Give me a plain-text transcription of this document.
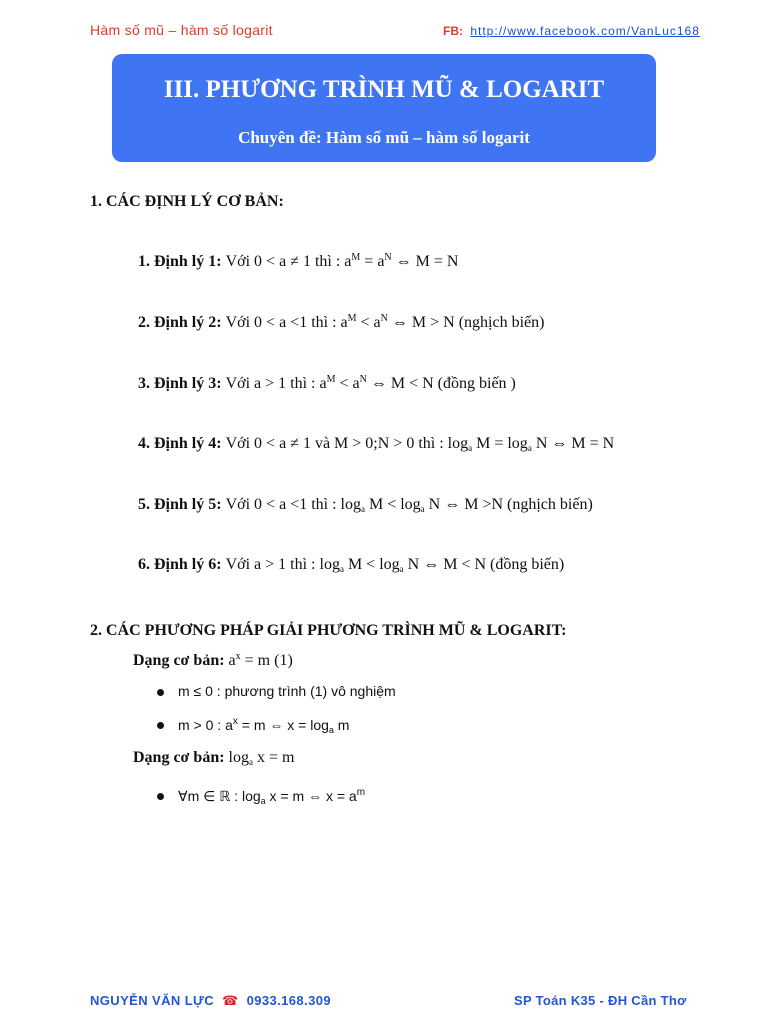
Hàm số mũ – hàm số logarit	FB: http://www.facebook.com/VanLuc168
III. PHƯƠNG TRÌNH MŨ & LOGARIT
Chuyên đề: Hàm số mũ – hàm số logarit
1. CÁC ĐỊNH LÝ CƠ BẢN:
1. Định lý 1: Với 0 < a ≠ 1 thì : $a^M = a^N$ ⇔ M = N
2. Định lý 2: Với 0 < a <1 thì : $a^M < a^N$ ⇔ M > N (nghịch biến)
3. Định lý 3: Với a > 1 thì : $a^M < a^N$ ⇔ M < N (đồng biến )
4. Định lý 4: Với 0 < a ≠ 1 và M > 0;N > 0 thì : $\log_a M = \log_a N$ ⇔ M = N
5. Định lý 5: Với 0 < a <1 thì : $\log_a M < \log_a N$ ⇔ M >N (nghịch biến)
6. Định lý 6: Với a > 1 thì : $\log_a M < \log_a N$ ⇔ M < N (đồng biến)
2. CÁC PHƯƠNG PHÁP GIẢI PHƯƠNG TRÌNH MŨ & LOGARIT:
Dạng cơ bản: $a^x = m$ (1)
m ≤ 0 : phương trình (1) vô nghiệm
m > 0 : $a^x = m$ ⇔ $x = \log_a m$
Dạng cơ bản: $\log_a x = m$
∀m ∈ ℝ : $\log_a x = m$ ⇔ $x = a^m$
NGUYỄN VĂN LỰC ☎ 0933.168.309	SP Toán K35 - ĐH Cần Thơ
